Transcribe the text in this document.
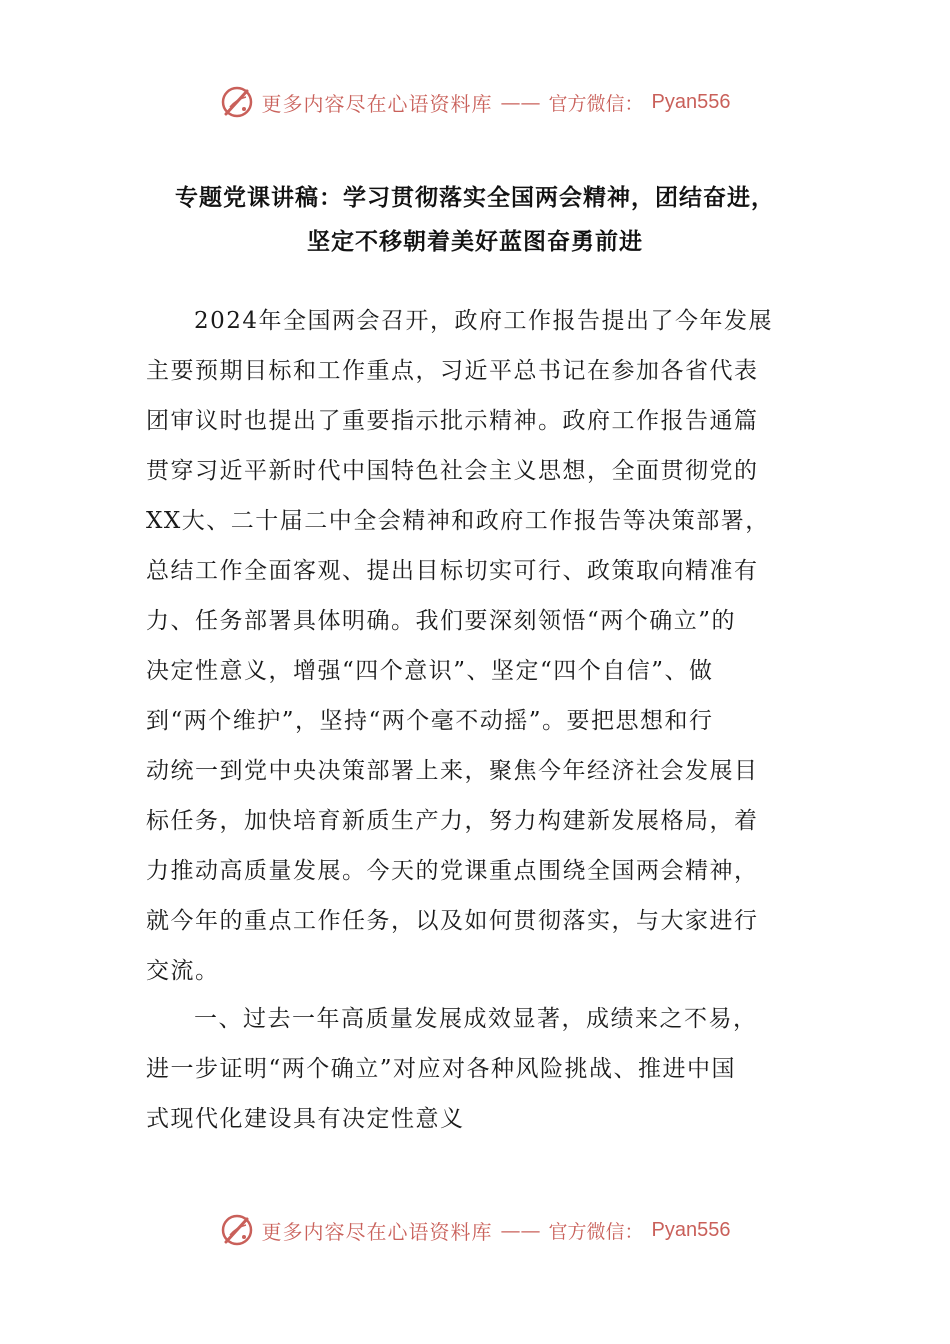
更多内容尽在心语资料库 —— 官方微信： Pyan556
专题党课讲稿：学习贯彻落实全国两会精神，团结奋进，
坚定不移朝着美好蓝图奋勇前进
2024年全国两会召开，政府工作报告提出了今年发展
主要预期目标和工作重点，习近平总书记在参加各省代表
团审议时也提出了重要指示批示精神。政府工作报告通篇
贯穿习近平新时代中国特色社会主义思想，全面贯彻党的
XX大、二十届二中全会精神和政府工作报告等决策部署，
总结工作全面客观、提出目标切实可行、政策取向精准有
力、任务部署具体明确。我们要深刻领悟“两个确立”的
决定性意义，增强“四个意识”、坚定“四个自信”、做
到“两个维护”，坚持“两个毫不动摇”。要把思想和行
动统一到党中央决策部署上来，聚焦今年经济社会发展目
标任务，加快培育新质生产力，努力构建新发展格局，着
力推动高质量发展。今天的党课重点围绕全国两会精神，
就今年的重点工作任务，以及如何贯彻落实，与大家进行
交流。
一、过去一年高质量发展成效显著，成绩来之不易，
进一步证明“两个确立”对应对各种风险挑战、推进中国
式现代化建设具有决定性意义
更多内容尽在心语资料库 —— 官方微信： Pyan556
